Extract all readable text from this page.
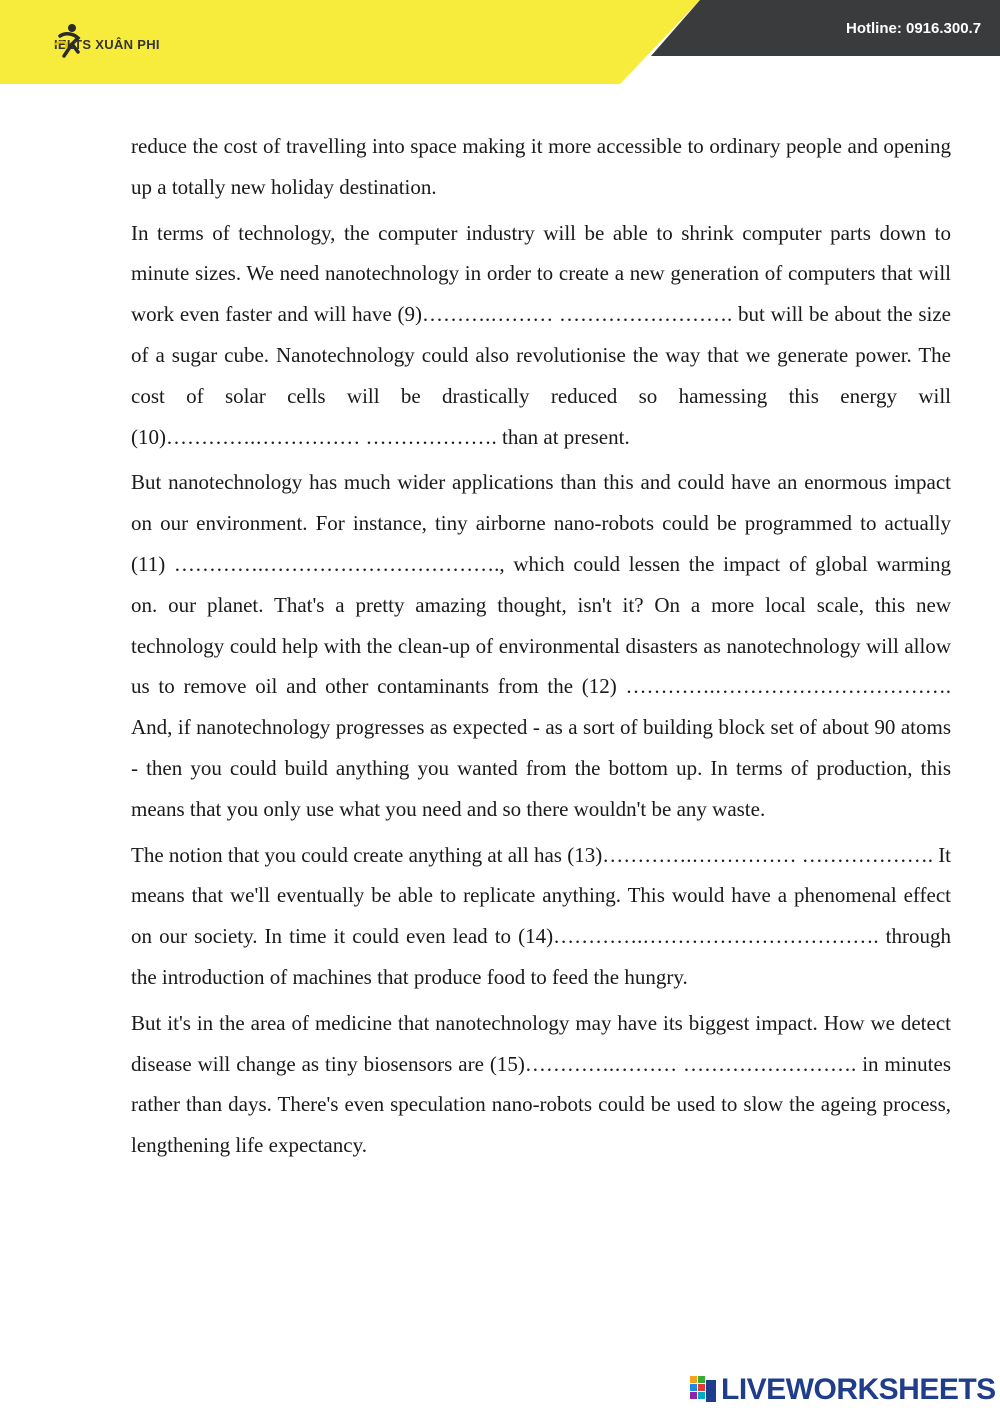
IELTS XUÂN PHI
Hotline: 0916.300.7

reduce the cost of travelling into space making it more accessible to ordinary people and opening up a totally new holiday destination.

In terms of technology, the computer industry will be able to shrink computer parts down to minute sizes. We need nanotechnology in order to create a new generation of computers that will work even faster and will have (9)……….……… ……………………. but will be about the size of a sugar cube. Nanotechnology could also revolutionise the way that we generate power. The cost of solar cells will be drastically reduced so hamessing this energy will (10)………….…………… ………………. than at present.

But nanotechnology has much wider applications than this and could have an enormous impact on our environment. For instance, tiny airborne nano-robots could be programmed to actually (11) ………….……………………………., which could lessen the impact of global warming on. our planet. That's a pretty amazing thought, isn't it? On a more local scale, this new technology could help with the clean-up of environmental disasters as nanotechnology will allow us to remove oil and other contaminants from the (12) ………….……………………………. And, if nanotechnology progresses as expected - as a sort of building block set of about 90 atoms - then you could build anything you wanted from the bottom up. In terms of production, this means that you only use what you need and so there wouldn't be any waste.

The notion that you could create anything at all has (13)………….…………… ………………. It means that we'll eventually be able to replicate anything. This would have a phenomenal effect on our society. In time it could even lead to (14)………….……………………………. through the introduction of machines that produce food to feed the hungry.

But it's in the area of medicine that nanotechnology may have its biggest impact. How we detect disease will change as tiny biosensors are (15)………….……… ……………………. in minutes rather than days. There's even speculation nano-robots could be used to slow the ageing process, lengthening life expectancy.

LIVEWORKSHEETS
